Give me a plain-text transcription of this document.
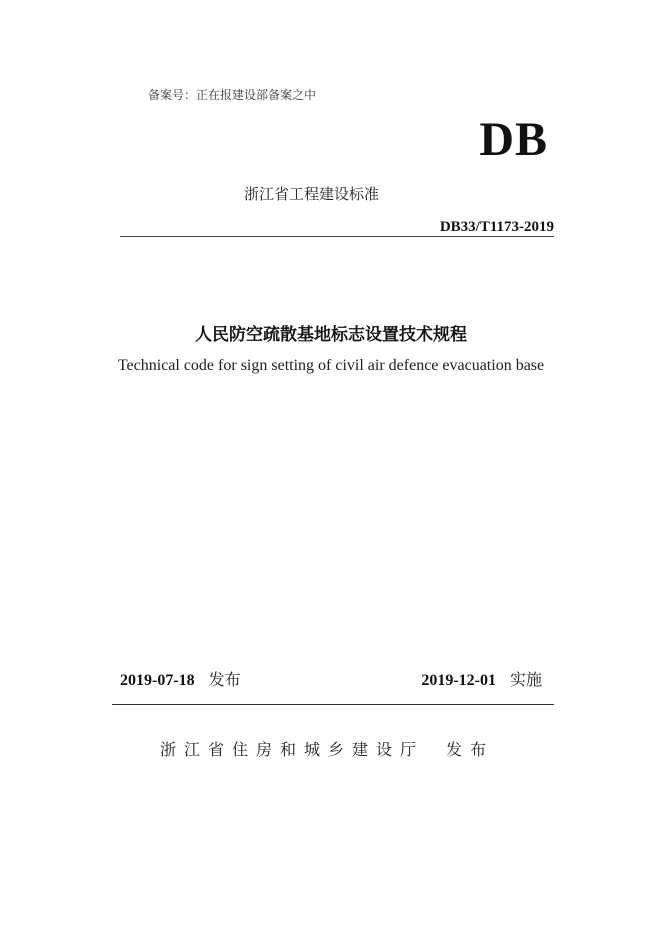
备案号：正在报建设部备案之中
DB
浙江省工程建设标准
DB33/T1173-2019
人民防空疏散基地标志设置技术规程
Technical code for sign setting of civil air defence evacuation base
2019-07-18 发布	2019-12-01 实施
浙江省住房和城乡建设厅 发布
